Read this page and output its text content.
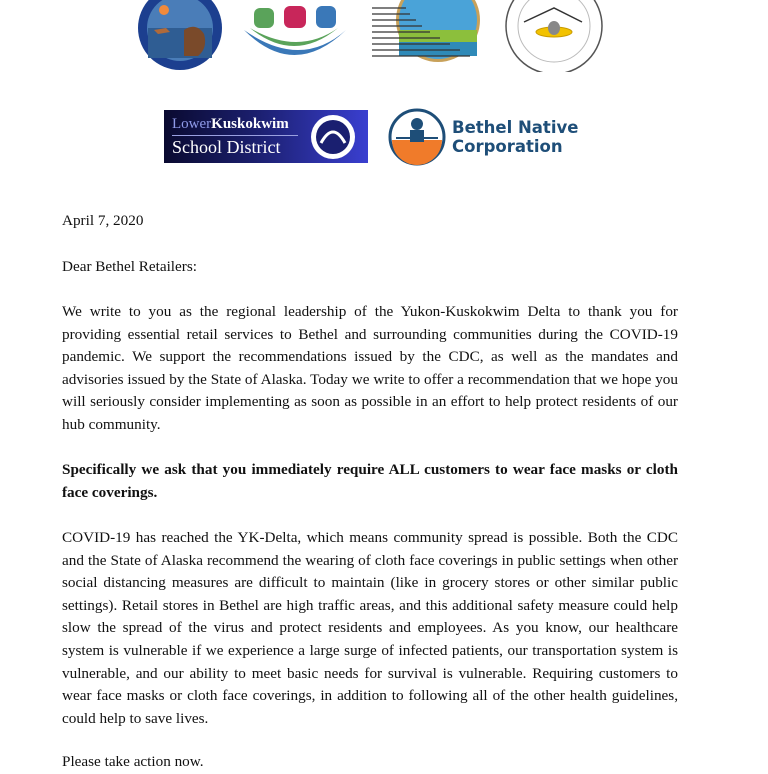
LowerKuskokwim
School District
Bethel Native
Corporation
April 7, 2020
Dear Bethel Retailers:
We write to you as the regional leadership of the Yukon-Kuskokwim Delta to thank you for providing essential retail services to Bethel and surrounding communities during the COVID-19 pandemic. We support the recommendations issued by the CDC, as well as the mandates and advisories issued by the State of Alaska. Today we write to offer a recommendation that we hope you will seriously consider implementing as soon as possible in an effort to help protect residents of our hub community.
Specifically we ask that you immediately require ALL customers to wear face masks or cloth face coverings.
COVID-19 has reached the YK-Delta, which means community spread is possible. Both the CDC and the State of Alaska recommend the wearing of cloth face coverings in public settings when other social distancing measures are difficult to maintain (like in grocery stores or other similar public settings). Retail stores in Bethel are high traffic areas, and this additional safety measure could help slow the spread of the virus and protect residents and employees. As you know, our healthcare system is vulnerable if we experience a large surge of infected patients, our transportation system is vulnerable, and our ability to meet basic needs for survival is vulnerable. Requiring customers to wear face masks or cloth face coverings, in addition to following all of the other health guidelines, could help to save lives.
Please take action now.
